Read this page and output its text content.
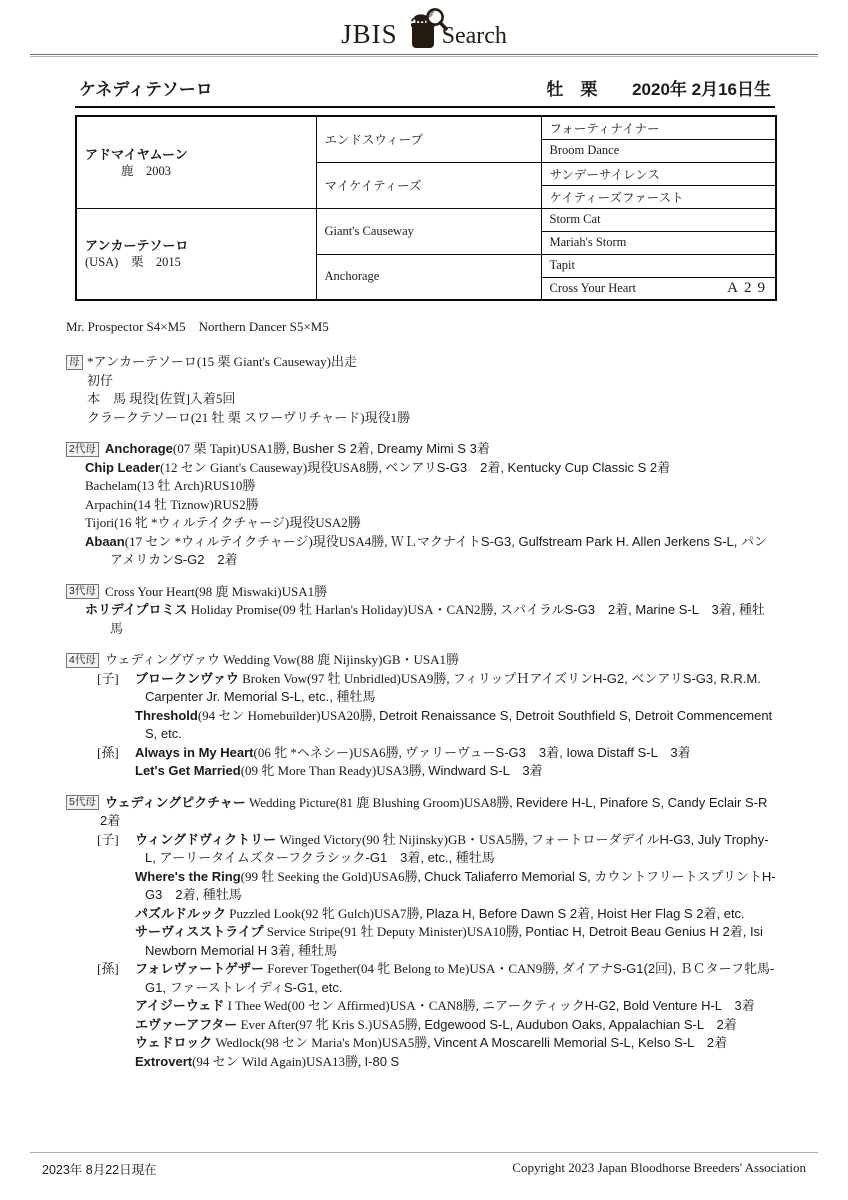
JBIS Search
ケネディテソーロ	牡　栗 2020年 2月16日生
アドマイヤムーン
鹿　2003	エンドスウィープ	フォーティナイナー
		Broom Dance
	マイケイティーズ	サンデーサイレンス
		ケイティーズファースト

アンカーテソーロ
(USA)　栗　2015	Giant's Causeway	Storm Cat
		Mariah's Storm
	Anchorage	Tapit

		Cross Your Heart A29
Mr. Prospector S4×M5　Northern Dancer S5×M5
母 *アンカーテソーロ(15 栗 Giant's Causeway)出走
初仔
本　馬 現役[佐賀]入着5回
クラークテソーロ(21 牡 栗 スワーヴリチャード)現役1勝
2代母 Anchorage(07 栗 Tapit)USA1勝, Busher S 2着, Dreamy Mimi S 3着
Chip Leader(12 セン Giant's Causeway)現役USA8勝, ベンアリS-G3　2着, Kentucky Cup Classic S 2着
Bachelam(13 牡 Arch)RUS10勝
Arpachin(14 牡 Tiznow)RUS2勝
Tijori(16 牝 *ウィルテイクチャージ)現役USA2勝
Abaan(17 セン *ウィルテイクチャージ)現役USA4勝, ＷＬマクナイトS-G3, Gulfstream Park H. Allen Jerkens S-L, パンアメリカンS-G2　2着
3代母 Cross Your Heart(98 鹿 Miswaki)USA1勝
ホリデイプロミス Holiday Promise(09 牡 Harlan's Holiday)USA・CAN2勝, スパイラルS-G3　2着, Marine S-L　3着, 種牡馬
4代母 ウェディングヴァウ Wedding Vow(88 鹿 Nijinsky)GB・USA1勝
[子] ブロークンヴァウ Broken Vow(97 牡 Unbridled)USA9勝, フィリップＨアイズリンH-G2, ベンアリS-G3, R.R.M. Carpenter Jr. Memorial S-L, etc., 種牡馬
Threshold(94 セン Homebuilder)USA20勝, Detroit Renaissance S, Detroit Southfield S, Detroit Commencement S, etc.
[孫] Always in My Heart(06 牝 *ヘネシー)USA6勝, ヴァリーヴューS-G3　3着, Iowa Distaff S-L　3着
Let's Get Married(09 牝 More Than Ready)USA3勝, Windward S-L　3着
5代母 ウェディングピクチャー Wedding Picture(81 鹿 Blushing Groom)USA8勝, Revidere H-L, Pinafore S, Candy Eclair S-R　2着
[子] ウィングドヴィクトリー Winged Victory(90 牡 Nijinsky)GB・USA5勝, フォートローダデイルH-G3, July Trophy-L, アーリータイムズターフクラシック-G1　3着, etc., 種牡馬
Where's the Ring(99 牡 Seeking the Gold)USA6勝, Chuck Taliaferro Memorial S, カウントフリートスプリントH-G3　2着, 種牡馬
パズルドルック Puzzled Look(92 牝 Gulch)USA7勝, Plaza H, Before Dawn S 2着, Hoist Her Flag S 2着, etc.
サーヴィスストライプ Service Stripe(91 牡 Deputy Minister)USA10勝, Pontiac H, Detroit Beau Genius H 2着, Isi Newborn Memorial H 3着, 種牡馬
[孫] フォレヴァートゲザー Forever Together(04 牝 Belong to Me)USA・CAN9勝, ダイアナS-G1(2回), ＢＣターフ牝馬-G1, ファーストレイディS-G1, etc.
アイジーウェド I Thee Wed(00 セン Affirmed)USA・CAN8勝, ニアークティックH-G2, Bold Venture H-L　3着
エヴァーアフター Ever After(97 牝 Kris S.)USA5勝, Edgewood S-L, Audubon Oaks, Appalachian S-L　2着
ウェドロック Wedlock(98 セン Maria's Mon)USA5勝, Vincent A Moscarelli Memorial S-L, Kelso S-L　2着
Extrovert(94 セン Wild Again)USA13勝, I-80 S
2023年 8月22日現在	Copyright 2023 Japan Bloodhorse Breeders' Association
